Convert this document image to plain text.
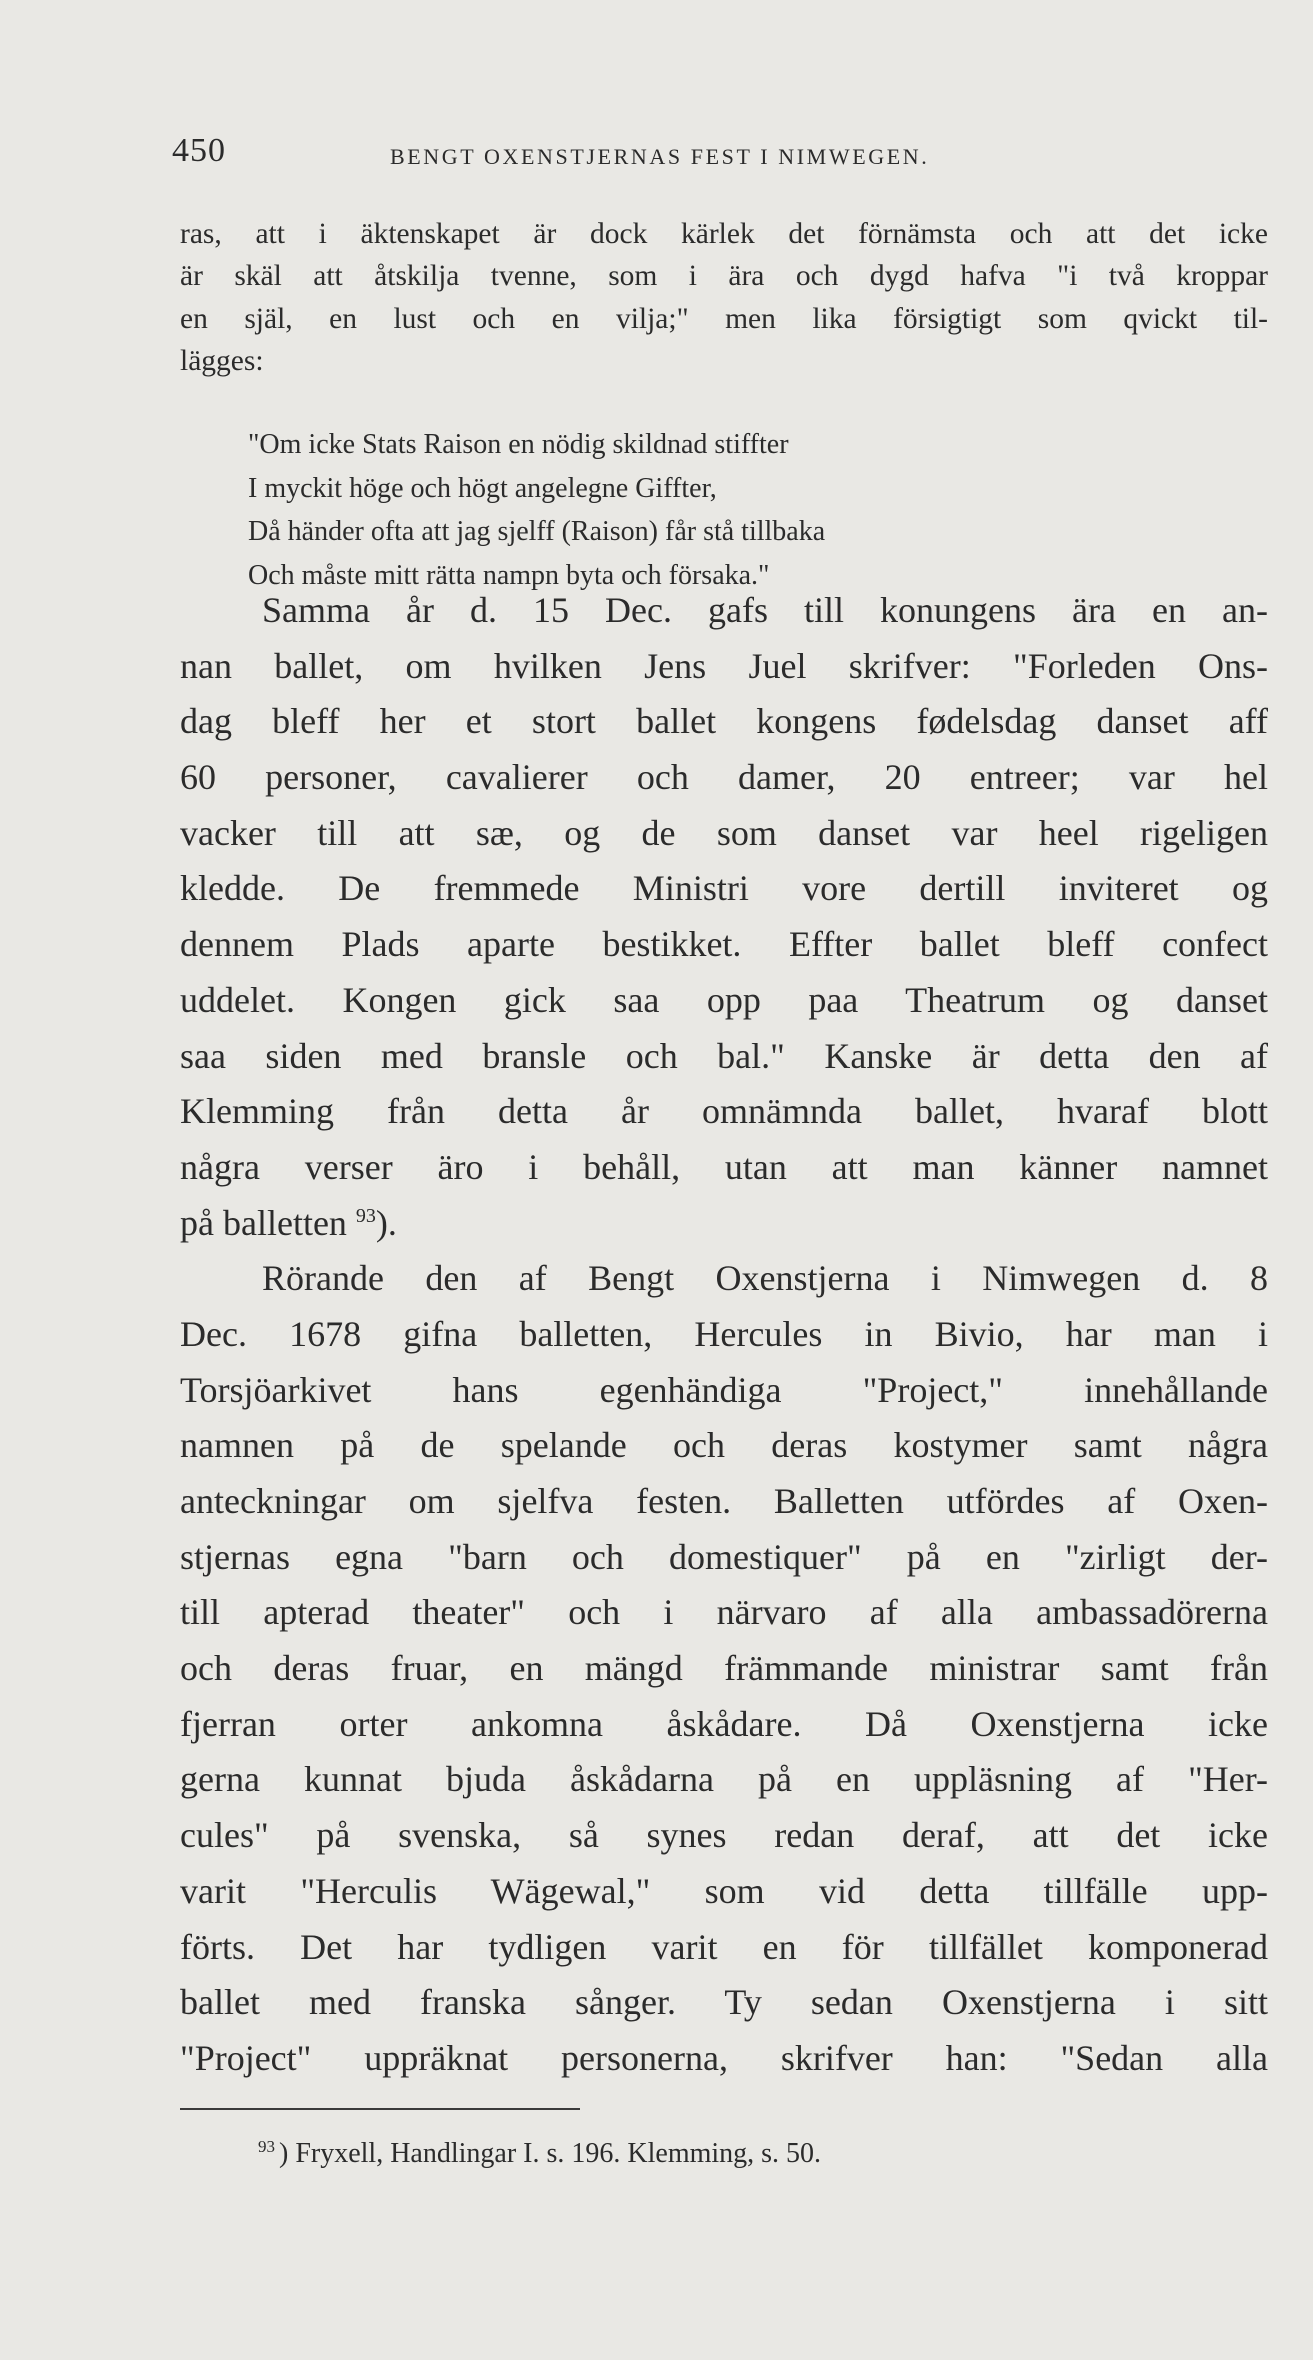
450	BENGT OXENSTJERNAS FEST I NIMWEGEN.
ras, att i äktenskapet är dock kärlek det förnämsta och att det icke
är skäl att åtskilja tvenne, som i ära och dygd hafva "i två kroppar
en själ, en lust och en vilja;" men lika försigtigt som qvickt til-
lägges:
"Om icke Stats Raison en nödig skildnad stiffter
I myckit höge och högt angelegne Giffter,
Då händer ofta att jag sjelff (Raison) får stå tillbaka
Och måste mitt rätta nampn byta och försaka."
Samma år d. 15 Dec. gafs till konungens ära en an-
nan ballet, om hvilken Jens Juel skrifver: "Forleden Ons-
dag bleff her et stort ballet kongens fødelsdag danset aff
60 personer, cavalierer och damer, 20 entreer; var hel
vacker till att sæ, og de som danset var heel rigeligen
kledde. De fremmede Ministri vore dertill inviteret og
dennem Plads aparte bestikket. Effter ballet bleff confect
uddelet. Kongen gick saa opp paa Theatrum og danset
saa siden med bransle och bal." Kanske är detta den af
Klemming från detta år omnämnda ballet, hvaraf blott
några verser äro i behåll, utan att man känner namnet
på balletten $^{93}$).
Rörande den af Bengt Oxenstjerna i Nimwegen d. 8
Dec. 1678 gifna balletten, Hercules in Bivio, har man i
Torsjöarkivet hans egenhändiga "Project," innehållande
namnen på de spelande och deras kostymer samt några
anteckningar om sjelfva festen. Balletten utfördes af Oxen-
stjernas egna "barn och domestiquer" på en "zirligt der-
till apterad theater" och i närvaro af alla ambassadörerna
och deras fruar, en mängd främmande ministrar samt från
fjerran orter ankomna åskådare. Då Oxenstjerna icke
gerna kunnat bjuda åskådarna på en uppläsning af "Her-
cules" på svenska, så synes redan deraf, att det icke
varit "Herculis Wägewal," som vid detta tillfälle upp-
förts. Det har tydligen varit en för tillfället komponerad
ballet med franska sånger. Ty sedan Oxenstjerna i sitt
"Project" uppräknat personerna, skrifver han: "Sedan alla
$^{93}$ ) Fryxell, Handlingar I. s. 196. Klemming, s. 50.
